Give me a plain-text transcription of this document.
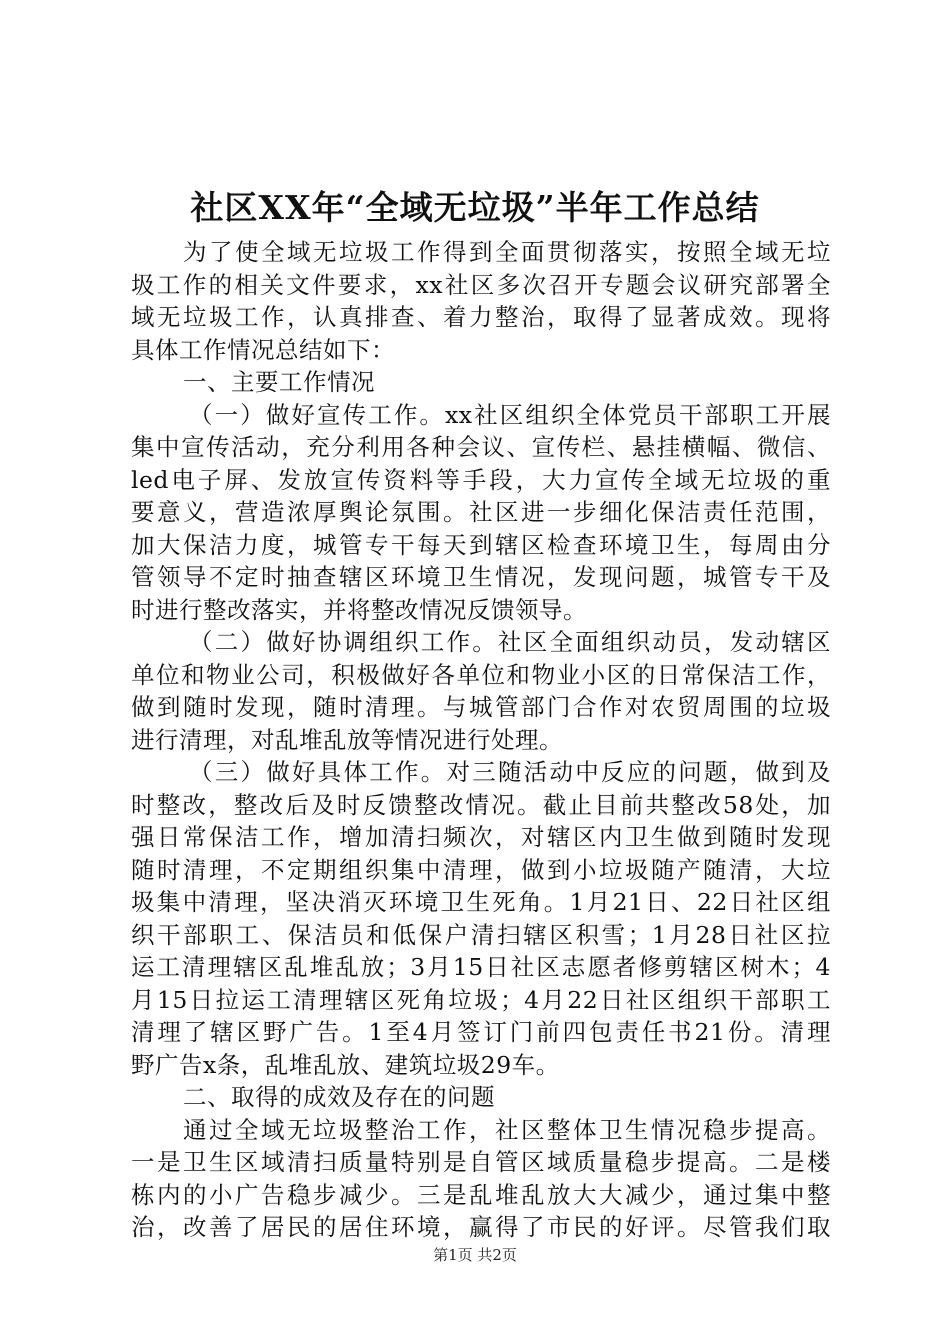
社区XX年“全域无垃圾”半年工作总结
为了使全域无垃圾工作得到全面贯彻落实，按照全域无垃
圾工作的相关文件要求，xx社区多次召开专题会议研究部署全
域无垃圾工作，认真排查、着力整治，取得了显著成效。现将
具体工作情况总结如下：
一、主要工作情况
（一）做好宣传工作。xx社区组织全体党员干部职工开展
集中宣传活动，充分利用各种会议、宣传栏、悬挂横幅、微信、
led电子屏、发放宣传资料等手段，大力宣传全域无垃圾的重
要意义，营造浓厚舆论氛围。社区进一步细化保洁责任范围，
加大保洁力度，城管专干每天到辖区检查环境卫生，每周由分
管领导不定时抽查辖区环境卫生情况，发现问题，城管专干及
时进行整改落实，并将整改情况反馈领导。
（二）做好协调组织工作。社区全面组织动员，发动辖区
单位和物业公司，积极做好各单位和物业小区的日常保洁工作，
做到随时发现，随时清理。与城管部门合作对农贸周围的垃圾
进行清理，对乱堆乱放等情况进行处理。
（三）做好具体工作。对三随活动中反应的问题，做到及
时整改，整改后及时反馈整改情况。截止目前共整改58处，加
强日常保洁工作，增加清扫频次，对辖区内卫生做到随时发现
随时清理，不定期组织集中清理，做到小垃圾随产随清，大垃
圾集中清理，坚决消灭环境卫生死角。1月21日、22日社区组
织干部职工、保洁员和低保户清扫辖区积雪；1月28日社区拉
运工清理辖区乱堆乱放；3月15日社区志愿者修剪辖区树木；4
月15日拉运工清理辖区死角垃圾；4月22日社区组织干部职工
清理了辖区野广告。1至4月签订门前四包责任书21份。清理
野广告x条，乱堆乱放、建筑垃圾29车。
二、取得的成效及存在的问题
通过全域无垃圾整治工作，社区整体卫生情况稳步提高。
一是卫生区域清扫质量特别是自管区域质量稳步提高。二是楼
栋内的小广告稳步减少。三是乱堆乱放大大减少，通过集中整
治，改善了居民的居住环境，赢得了市民的好评。尽管我们取
第1页 共2页
